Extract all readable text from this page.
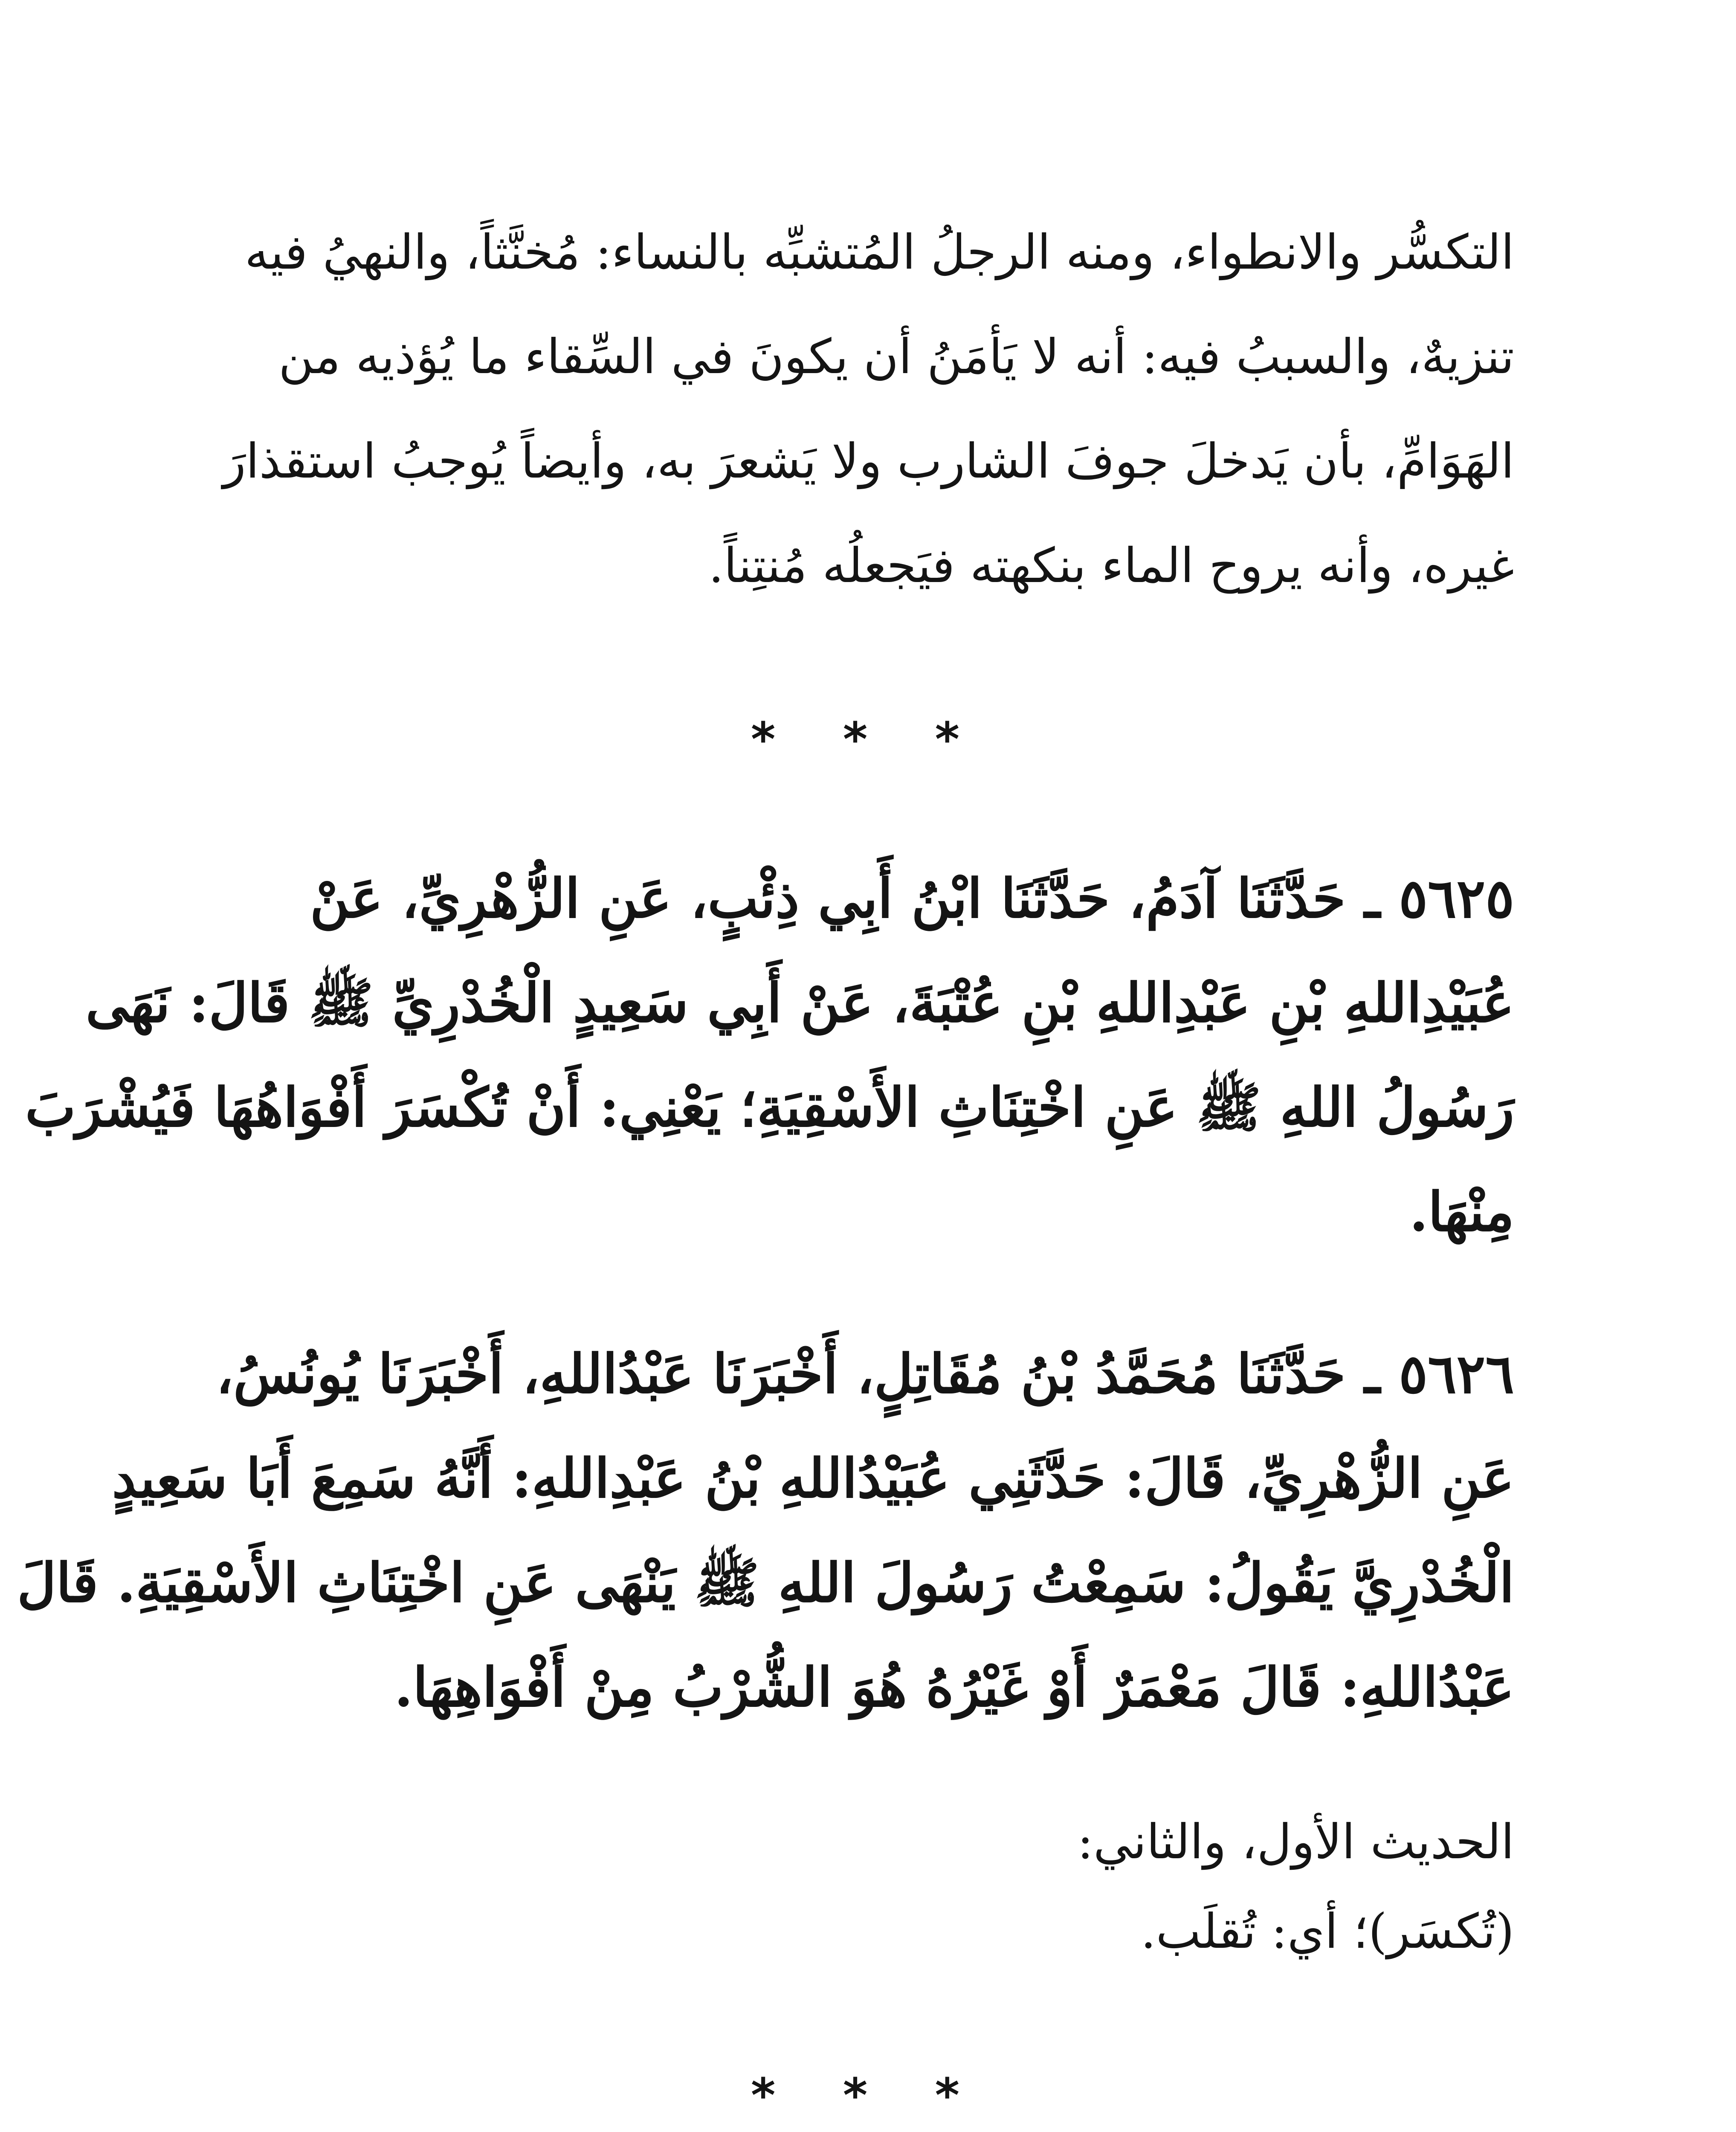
التكسُّر والانطواء، ومنه الرجلُ المُتشبِّه بالنساء: مُخنَّثاً، والنهيُ فيه
تنزيهٌ، والسببُ فيه: أنه لا يَأمَنُ أن يكونَ في السِّقاء ما يُؤذيه من
الهَوَامِّ، بأن يَدخلَ جوفَ الشارب ولا يَشعرَ به، وأيضاً يُوجبُ استقذارَ
غيره، وأنه يروح الماء بنكهته فيَجعلُه مُنتِناً.
* * *
٥٦٢٥ ـ حَدَّثَنَا آدَمُ، حَدَّثَنَا ابْنُ أَبِي ذِئْبٍ، عَنِ الزُّهْرِيِّ، عَنْ
عُبَيْدِاللهِ بْنِ عَبْدِاللهِ بْنِ عُتْبَةَ، عَنْ أَبِي سَعِيدٍ الْخُدْرِيِّ ﷺ قَالَ: نَهَى
رَسُولُ اللهِ ﷺ عَنِ اخْتِنَاثِ الأَسْقِيَةِ؛ يَعْنِي: أَنْ تُكْسَرَ أَفْوَاهُهَا فَيُشْرَبَ
مِنْهَا.
٥٦٢٦ ـ حَدَّثَنَا مُحَمَّدُ بْنُ مُقَاتِلٍ، أَخْبَرَنَا عَبْدُاللهِ، أَخْبَرَنَا يُونُسُ،
عَنِ الزُّهْرِيِّ، قَالَ: حَدَّثَنِي عُبَيْدُاللهِ بْنُ عَبْدِاللهِ: أَنَّهُ سَمِعَ أَبَا سَعِيدٍ
الْخُدْرِيَّ يَقُولُ: سَمِعْتُ رَسُولَ اللهِ ﷺ يَنْهَى عَنِ اخْتِنَاثِ الأَسْقِيَةِ. قَالَ
عَبْدُاللهِ: قَالَ مَعْمَرٌ أَوْ غَيْرُهُ هُوَ الشُّرْبُ مِنْ أَفْوَاهِهَا.
الحديث الأول، والثاني:
(تُكسَر)؛ أي: تُقلَب.
* * *
